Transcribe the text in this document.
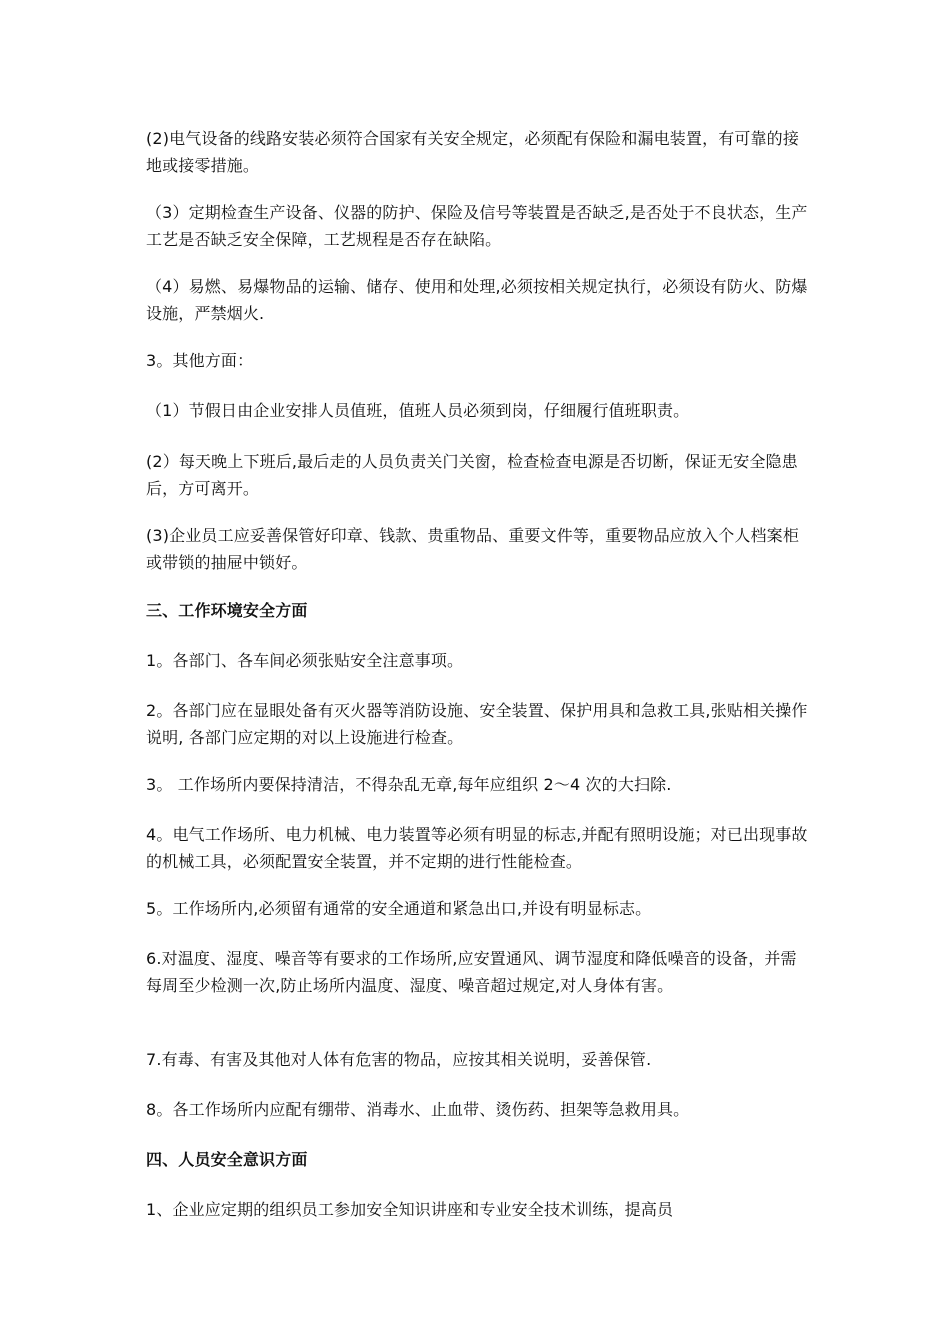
(2)电气设备的线路安装必须符合国家有关安全规定，必须配有保险和漏电装置，有可靠的接地或接零措施。
（3）定期检查生产设备、仪器的防护、保险及信号等装置是否缺乏,是否处于不良状态，生产工艺是否缺乏安全保障，工艺规程是否存在缺陷。
（4）易燃、易爆物品的运输、储存、使用和处理,必须按相关规定执行，必须设有防火、防爆设施，严禁烟火.
3。其他方面：
（1）节假日由企业安排人员值班，值班人员必须到岗，仔细履行值班职责。
(2）每天晚上下班后,最后走的人员负责关门关窗，检查检查电源是否切断，保证无安全隐患后，方可离开。
(3)企业员工应妥善保管好印章、钱款、贵重物品、重要文件等，重要物品应放入个人档案柜或带锁的抽屉中锁好。
三、工作环境安全方面
1。各部门、各车间必须张贴安全注意事项。
2。各部门应在显眼处备有灭火器等消防设施、安全装置、保护用具和急救工具,张贴相关操作说明, 各部门应定期的对以上设施进行检查。
3。 工作场所内要保持清洁，不得杂乱无章,每年应组织 2～4 次的大扫除.
4。电气工作场所、电力机械、电力装置等必须有明显的标志,并配有照明设施；对已出现事故的机械工具，必须配置安全装置，并不定期的进行性能检查。
5。工作场所内,必须留有通常的安全通道和紧急出口,并设有明显标志。
6.对温度、湿度、噪音等有要求的工作场所,应安置通风、调节湿度和降低噪音的设备，并需每周至少检测一次,防止场所内温度、湿度、噪音超过规定,对人身体有害。
7.有毒、有害及其他对人体有危害的物品，应按其相关说明，妥善保管.
8。各工作场所内应配有绷带、消毒水、止血带、烫伤药、担架等急救用具。
四、人员安全意识方面
1、企业应定期的组织员工参加安全知识讲座和专业安全技术训练，提高员
